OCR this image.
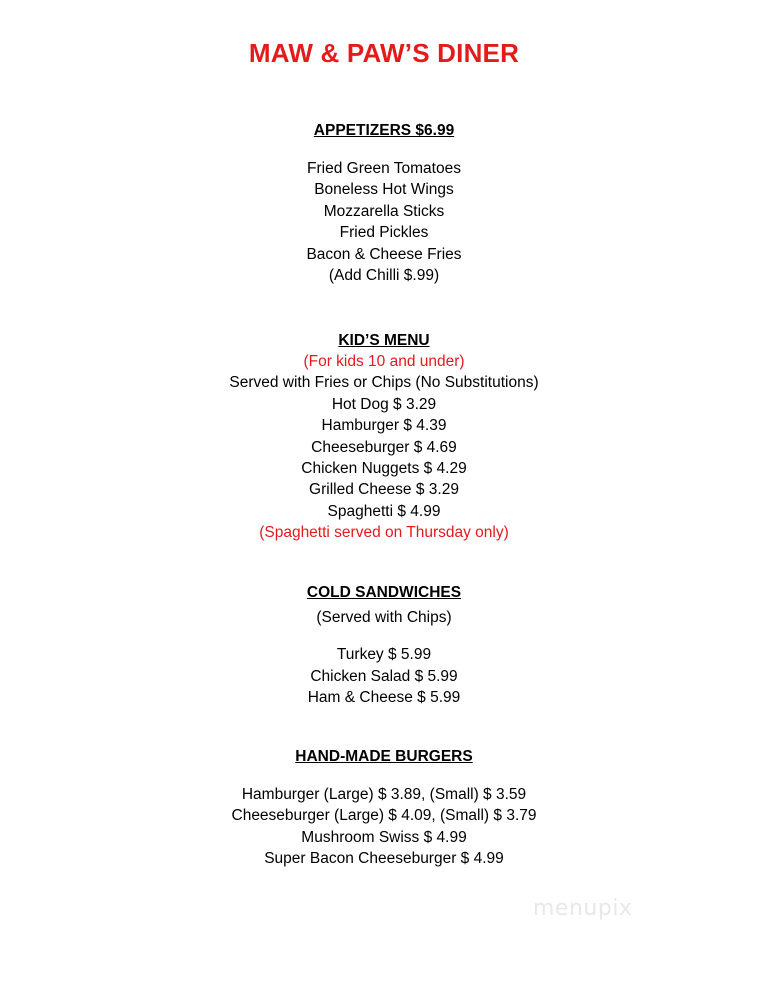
MAW & PAW’S DINER
APPETIZERS $6.99
Fried Green Tomatoes
Boneless Hot Wings
Mozzarella Sticks
Fried Pickles
Bacon & Cheese Fries
(Add Chilli $.99)
KID’S MENU
(For kids 10 and under)
Served with Fries or Chips (No Substitutions)
Hot Dog $ 3.29
Hamburger $ 4.39
Cheeseburger $ 4.69
Chicken Nuggets $ 4.29
Grilled Cheese $ 3.29
Spaghetti $ 4.99
(Spaghetti served on Thursday only)
COLD SANDWICHES
(Served with Chips)
Turkey $ 5.99
Chicken Salad $ 5.99
Ham & Cheese $ 5.99
HAND-MADE BURGERS
Hamburger (Large) $ 3.89, (Small) $ 3.59
Cheeseburger (Large) $ 4.09, (Small) $ 3.79
Mushroom Swiss $ 4.99
Super Bacon Cheeseburger $ 4.99
menupix
